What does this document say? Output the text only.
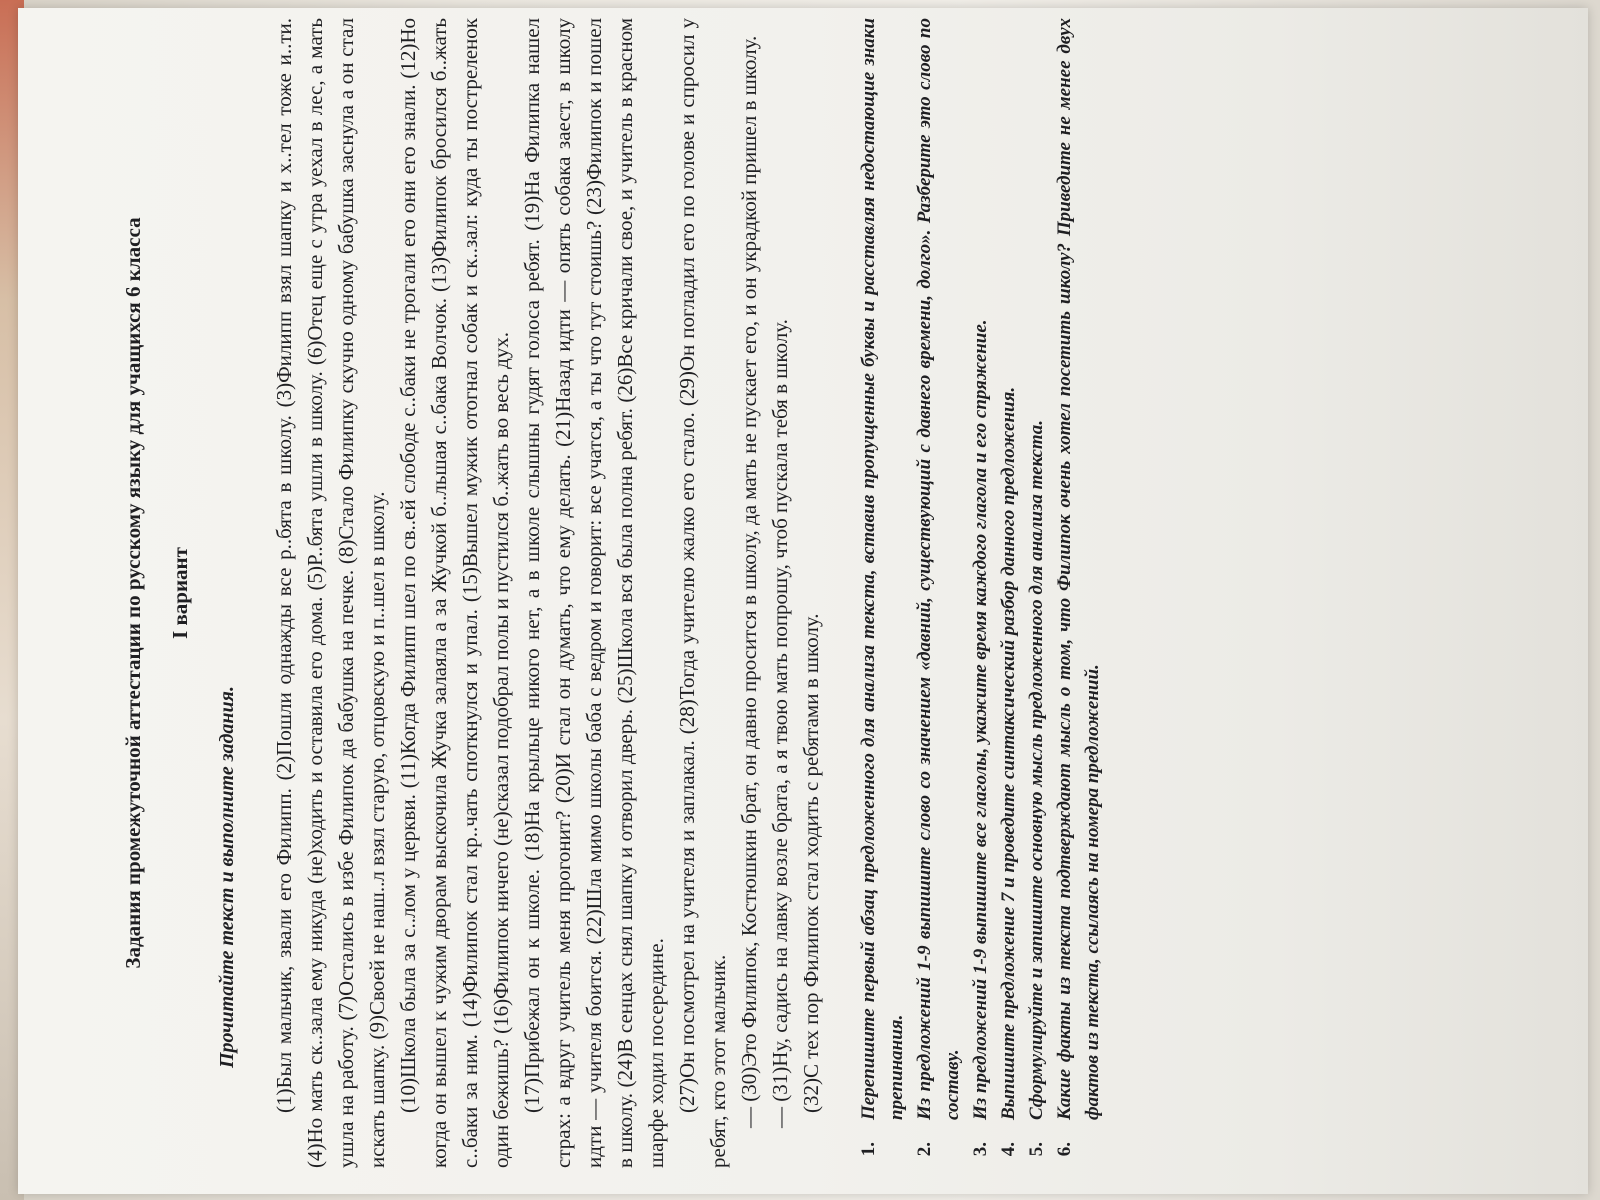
Задания промежуточной аттестации по русскому языку для учащихся 6 класса I вариант
Прочитайте текст и выполните задания. (1)Был мальчик, звали его Филипп. (2)Пошли однажды все р..бята в школу. (3)Филипп взял шапку и х..тел тоже и..ти. (4)Но мать ск..зала ему никуда (не)ходить и оставила его дома. (5)Р..бята ушли в школу. (6)Отец еще с утра уехал в лес, а мать ушла на работу. (7)Остались в избе Филипок да бабушка на печке. (8)Стало Филипку скучно одному бабушка заснула а он стал искать шапку. (9)Своей не наш..л взял старую, отцовскую и п..шел в школу. (10)Школа была за с..лом у церкви. (11)Когда Филипп шел по св..ей слободе с..баки не трогали его они его знали. (12)Но когда он вышел к чужим дворам выскочила Жучка залаяла а за Жучкой б..льшая с..бака Волчок. (13)Филипок бросился б..жать с..баки за ним. (14)Филипок стал кр..чать споткнулся и упал. (15)Вышел мужик отогнал собак и ск..зал: куда ты постреленок один бежишь? (16)Филипок ничего (не)сказал подобрал полы и пустился б..жать во весь дух. (17)Прибежал он к школе. (18)На крыльце никого нет, а в школе слышны гудят голоса ребят. (19)На Филипка нашел страх: а вдруг учитель меня прогонит? (20)И стал он думать, что ему делать. (21)Назад идти — опять собака заест, в школу идти — учителя боится. (22)Шла мимо школы баба с ведром и говорит: все учатся, а ты что тут стоишь? (23)Филипок и пошел в школу. (24)В сенцах снял шапку и отворил дверь. (25)Школа вся была полна ребят. (26)Все кричали свое, и учитель в красном шарфе ходил посередине. (27)Он посмотрел на учителя и заплакал. (28)Тогда учителю жалко его стало. (29)Он погладил его по голове и спросил у ребят, кто этот мальчик. — (30)Это Филипок, Костюшкин брат, он давно просится в школу, да мать не пускает его, и он украдкой пришел в школу. — (31)Ну, садись на лавку возле брата, а я твою мать попрошу, чтоб пускала тебя в школу. (32)С тех пор Филипок стал ходить с ребятами в школу.

1.
Перепишите первый абзац предложенного для анализа текста, вставив пропущенные буквы и расставляя недостающие знаки препинания.
2.
Из предложений 1-9 выпишите слово со значением «давний, существующий с давнего времени, долго». Разберите это слово по составу.
3.
Из предложений 1-9 выпишите все глаголы, укажите время каждого глагола и его спряжение.
4.
Выпишите предложение 7 и проведите синтаксический разбор данного предложения.
5.
Сформулируйте и запишите основную мысль предложенного для анализа текста.
6.
Какие факты из текста подтверждают мысль о том, что Филипок очень хотел посетить школу? Приведите не менее двух фактов из текста, ссылаясь на номера предложений.
